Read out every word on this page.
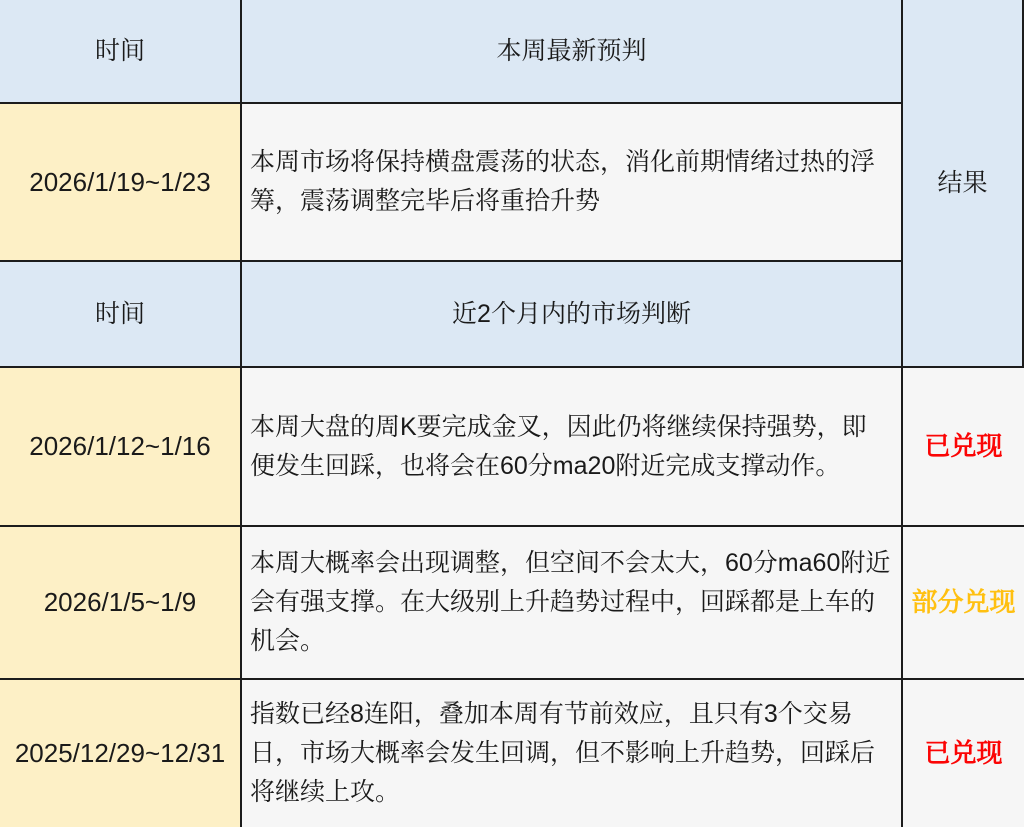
时间	本周最新预判
结果
2026/1/19~1/23
本周市场将保持横盘震荡的状态，消化前期情绪过热的浮筹，震荡调整完毕后将重拾升势
时间	近2个月内的市场判断
2026/1/12~1/16
本周大盘的周K要完成金叉，因此仍将继续保持强势，即便发生回踩，也将会在60分ma20附近完成支撑动作。
已兑现
2026/1/5~1/9
本周大概率会出现调整，但空间不会太大，60分ma60附近会有强支撑。在大级别上升趋势过程中，回踩都是上车的机会。
部分兑现
2025/12/29~12/31
指数已经8连阳，叠加本周有节前效应，且只有3个交易日，市场大概率会发生回调，但不影响上升趋势，回踩后将继续上攻。
已兑现
